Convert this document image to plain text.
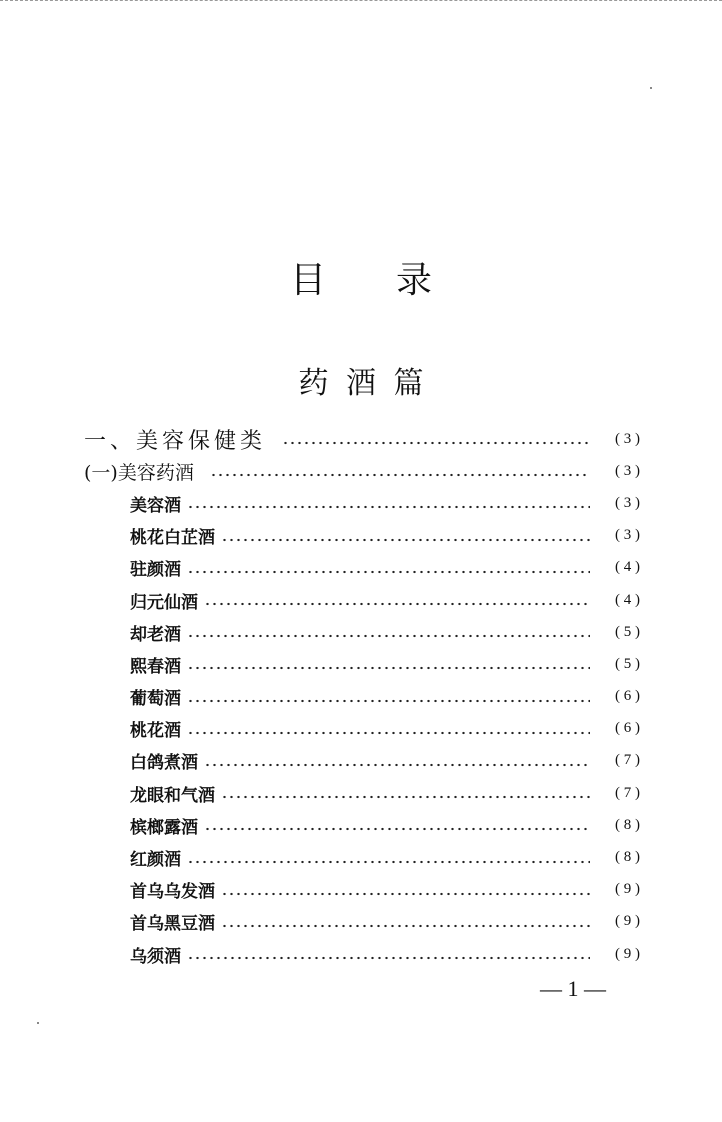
目 录
药 酒 篇
一、美容保健类	( 3 )
(一)美容药酒	( 3 )
美容酒	( 3 )
桃花白芷酒	( 3 )
驻颜酒	( 4 )
归元仙酒	( 4 )
却老酒	( 5 )
熙春酒	( 5 )
葡萄酒	( 6 )
桃花酒	( 6 )
白鸽煮酒	( 7 )
龙眼和气酒	( 7 )
槟榔露酒	( 8 )
红颜酒	( 8 )
首乌乌发酒	( 9 )
首乌黑豆酒	( 9 )
乌须酒	( 9 )
— 1 —
